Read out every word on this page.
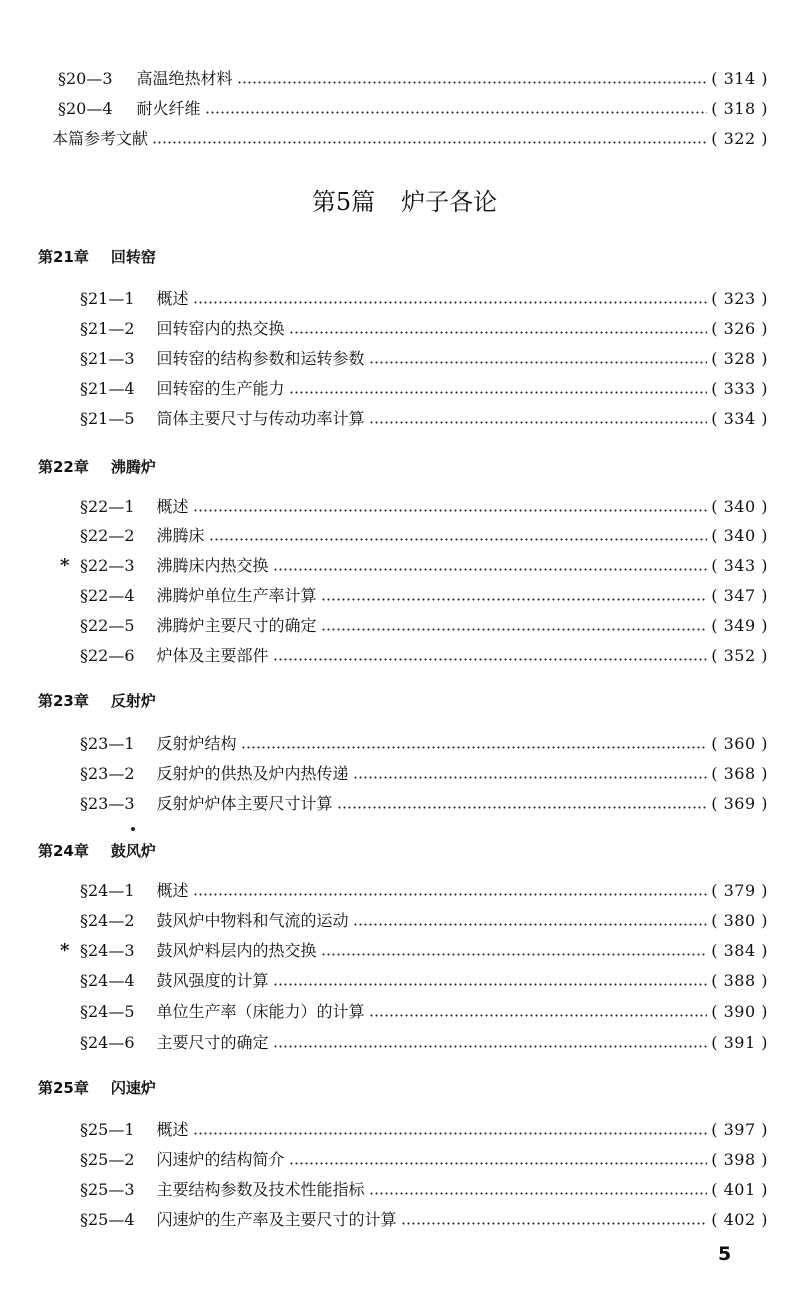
§20—3 高温绝热材料	( 314 )
§20—4 耐火纤维	( 318 )
本篇参考文献	( 322 )
第5篇 炉子各论
第21章 回转窑
§21—1 概述	( 323 )
§21—2 回转窑内的热交换	( 326 )
§21—3 回转窑的结构参数和运转参数	( 328 )
§21—4 回转窑的生产能力	( 333 )
§21—5 筒体主要尺寸与传动功率计算	( 334 )
第22章 沸腾炉
§22—1 概述	( 340 )
§22—2 沸腾床	( 340 )
* §22—3 沸腾床内热交换	( 343 )
§22—4 沸腾炉单位生产率计算	( 347 )
§22—5 沸腾炉主要尺寸的确定	( 349 )
§22—6 炉体及主要部件	( 352 )
第23章 反射炉
§23—1 反射炉结构	( 360 )
§23—2 反射炉的供热及炉内热传递	( 368 )
§23—3 反射炉炉体主要尺寸计算	( 369 )
第24章 鼓风炉
§24—1 概述	( 379 )
§24—2 鼓风炉中物料和气流的运动	( 380 )
* §24—3 鼓风炉料层内的热交换	( 384 )
§24—4 鼓风强度的计算	( 388 )
§24—5 单位生产率（床能力）的计算	( 390 )
§24—6 主要尺寸的确定	( 391 )
第25章 闪速炉
§25—1 概述	( 397 )
§25—2 闪速炉的结构简介	( 398 )
§25—3 主要结构参数及技术性能指标	( 401 )
§25—4 闪速炉的生产率及主要尺寸的计算	( 402 )
5
